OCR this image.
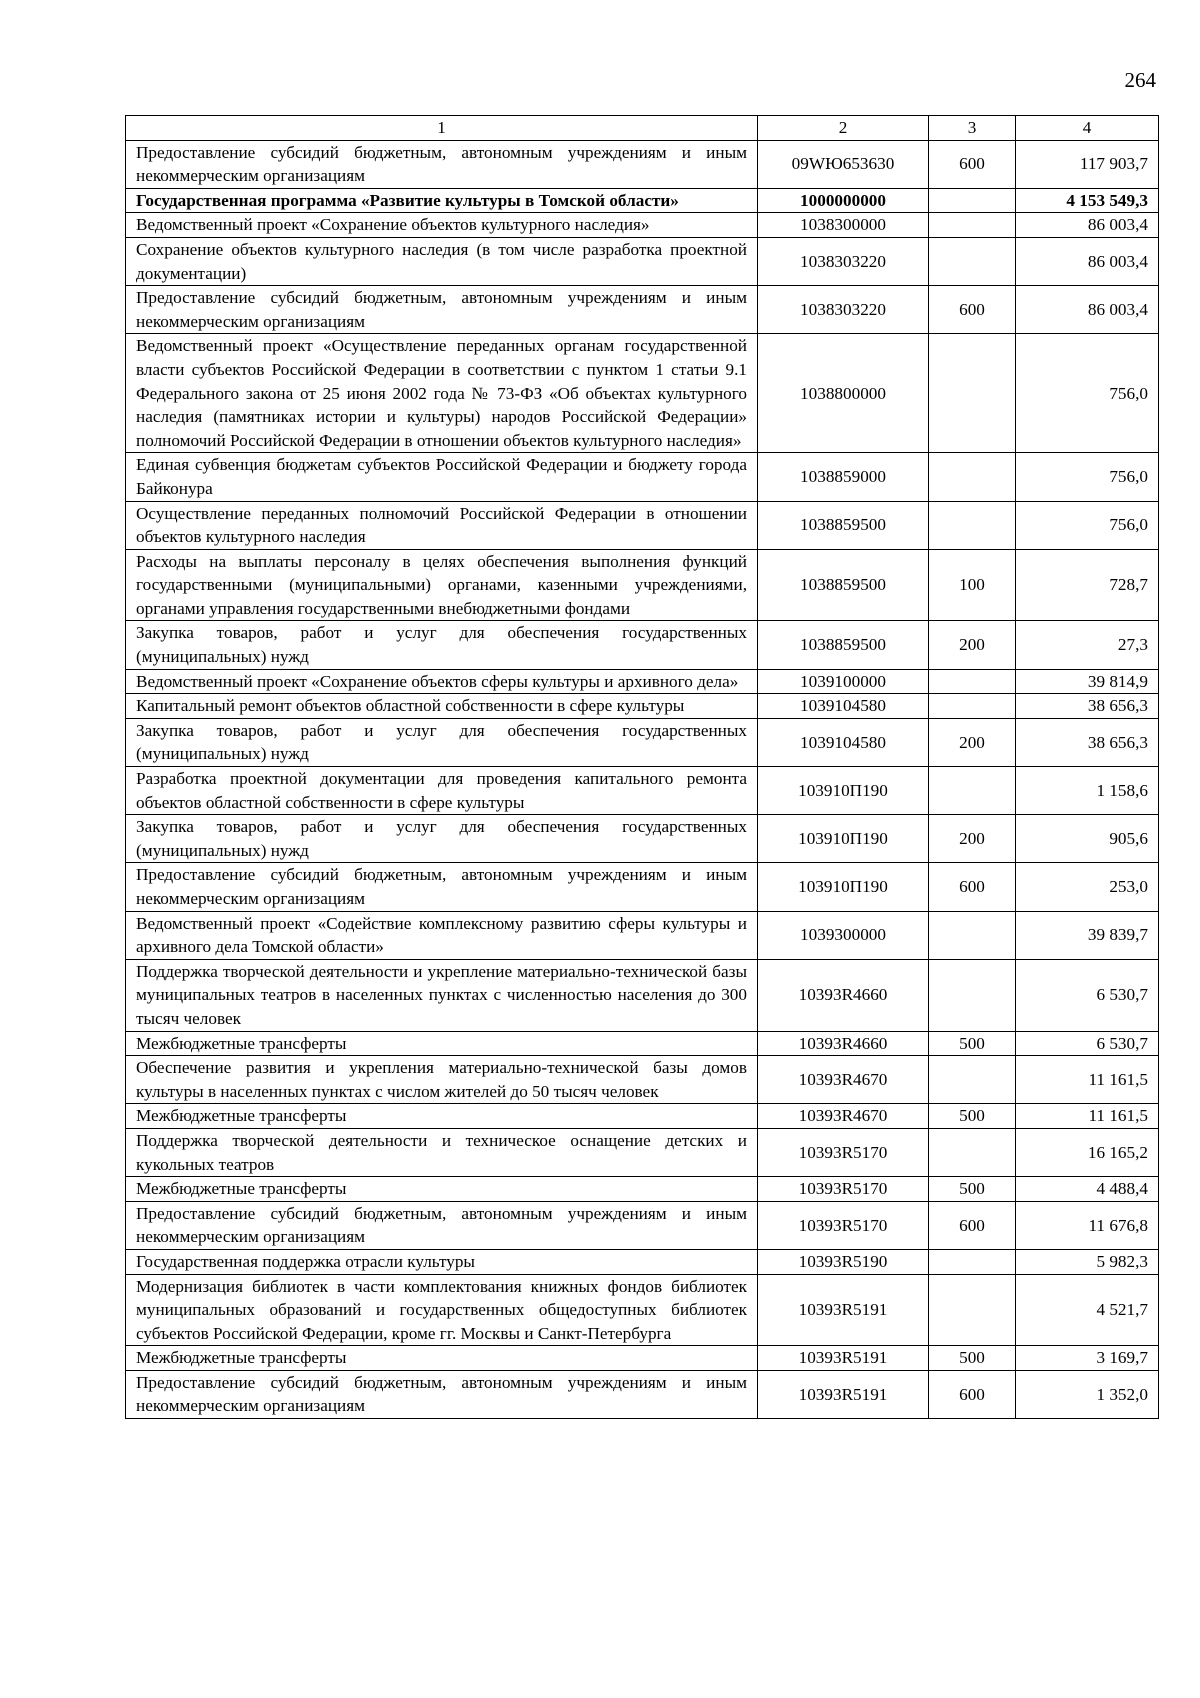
264
1	2	3	4
Предоставление субсидий бюджетным, автономным учреждениям и иным некоммерческим организациям	09WЮ653630	600	117 903,7
Государственная программа «Развитие культуры в Томской области»	1000000000		4 153 549,3
Ведомственный проект «Сохранение объектов культурного наследия»	1038300000		86 003,4
Сохранение объектов культурного наследия (в том числе разработка проектной документации)	1038303220		86 003,4
Предоставление субсидий бюджетным, автономным учреждениям и иным некоммерческим организациям	1038303220	600	86 003,4
Ведомственный проект «Осуществление переданных органам государственной власти субъектов Российской Федерации в соответствии с пунктом 1 статьи 9.1 Федерального закона от 25 июня 2002 года № 73-ФЗ «Об объектах культурного наследия (памятниках истории и культуры) народов Российской Федерации» полномочий Российской Федерации в отношении объектов культурного наследия»	1038800000		756,0
Единая субвенция бюджетам субъектов Российской Федерации и бюджету города Байконура	1038859000		756,0
Осуществление переданных полномочий Российской Федерации в отношении объектов культурного наследия	1038859500		756,0
Расходы на выплаты персоналу в целях обеспечения выполнения функций государственными (муниципальными) органами, казенными учреждениями, органами управления государственными внебюджетными фондами	1038859500	100	728,7
Закупка товаров, работ и услуг для обеспечения государственных (муниципальных) нужд	1038859500	200	27,3
Ведомственный проект «Сохранение объектов сферы культуры и архивного дела»	1039100000		39 814,9
Капитальный ремонт объектов областной собственности в сфере культуры	1039104580		38 656,3
Закупка товаров, работ и услуг для обеспечения государственных (муниципальных) нужд	1039104580	200	38 656,3
Разработка проектной документации для проведения капитального ремонта объектов областной собственности в сфере культуры	103910П190		1 158,6
Закупка товаров, работ и услуг для обеспечения государственных (муниципальных) нужд	103910П190	200	905,6
Предоставление субсидий бюджетным, автономным учреждениям и иным некоммерческим организациям	103910П190	600	253,0
Ведомственный проект «Содействие комплексному развитию сферы культуры и архивного дела Томской области»	1039300000		39 839,7
Поддержка творческой деятельности и укрепление материально-технической базы муниципальных театров в населенных пунктах с численностью населения до 300 тысяч человек	10393R4660		6 530,7
Межбюджетные трансферты	10393R4660	500	6 530,7
Обеспечение развития и укрепления материально-технической базы домов культуры в населенных пунктах с числом жителей до 50 тысяч человек	10393R4670		11 161,5
Межбюджетные трансферты	10393R4670	500	11 161,5
Поддержка творческой деятельности и техническое оснащение детских и кукольных театров	10393R5170		16 165,2
Межбюджетные трансферты	10393R5170	500	4 488,4
Предоставление субсидий бюджетным, автономным учреждениям и иным некоммерческим организациям	10393R5170	600	11 676,8
Государственная поддержка отрасли культуры	10393R5190		5 982,3
Модернизация библиотек в части комплектования книжных фондов библиотек муниципальных образований и государственных общедоступных библиотек субъектов Российской Федерации, кроме гг. Москвы и Санкт-Петербурга	10393R5191		4 521,7
Межбюджетные трансферты	10393R5191	500	3 169,7
Предоставление субсидий бюджетным, автономным учреждениям и иным некоммерческим организациям	10393R5191	600	1 352,0
